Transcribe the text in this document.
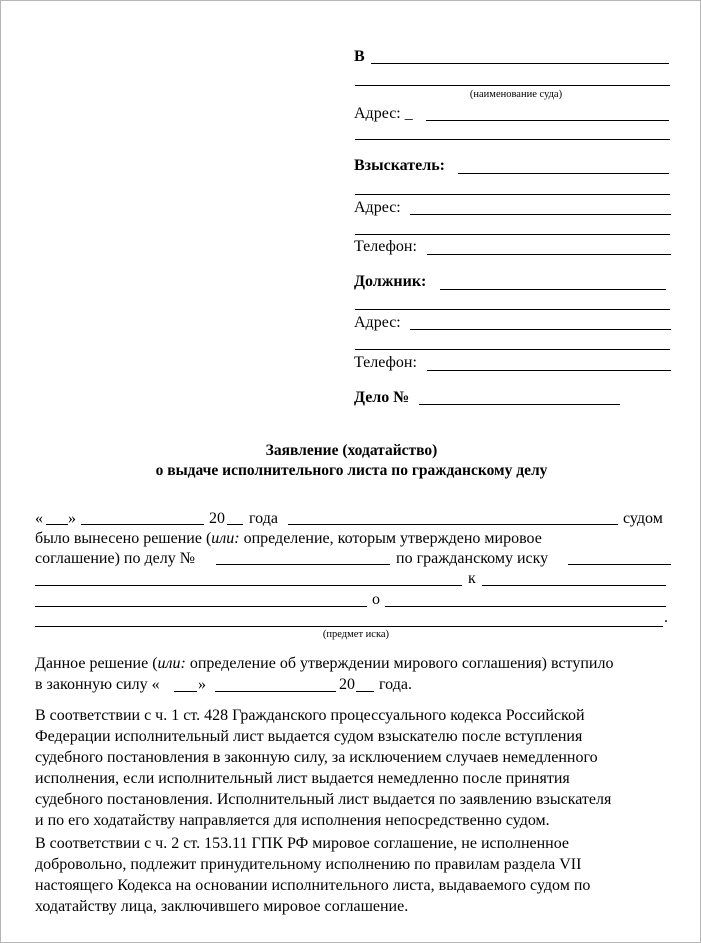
В
(наименование суда)
Адрес: _
Взыскатель:
Адрес:
Телефон:
Должник:
Адрес:
Телефон:
Дело №
Заявление (ходатайство)
о выдаче исполнительного листа по гражданскому делу
« »	20 года	судом
было вынесено решение (или: определение, которым утверждено мировое
соглашение) по делу №	по гражданскому иску
к
о
.
(предмет иска)
Данное решение (или: определение об утверждении мирового соглашения) вступило
в законную силу « »	20 года.
В соответствии с ч. 1 ст. 428 Гражданского процессуального кодекса Российской
Федерации исполнительный лист выдается судом взыскателю после вступления
судебного постановления в законную силу, за исключением случаев немедленного
исполнения, если исполнительный лист выдается немедленно после принятия
судебного постановления. Исполнительный лист выдается по заявлению взыскателя
и по его ходатайству направляется для исполнения непосредственно судом.
В соответствии с ч. 2 ст. 153.11 ГПК РФ мировое соглашение, не исполненное
добровольно, подлежит принудительному исполнению по правилам раздела VII
настоящего Кодекса на основании исполнительного листа, выдаваемого судом по
ходатайству лица, заключившего мировое соглашение.
